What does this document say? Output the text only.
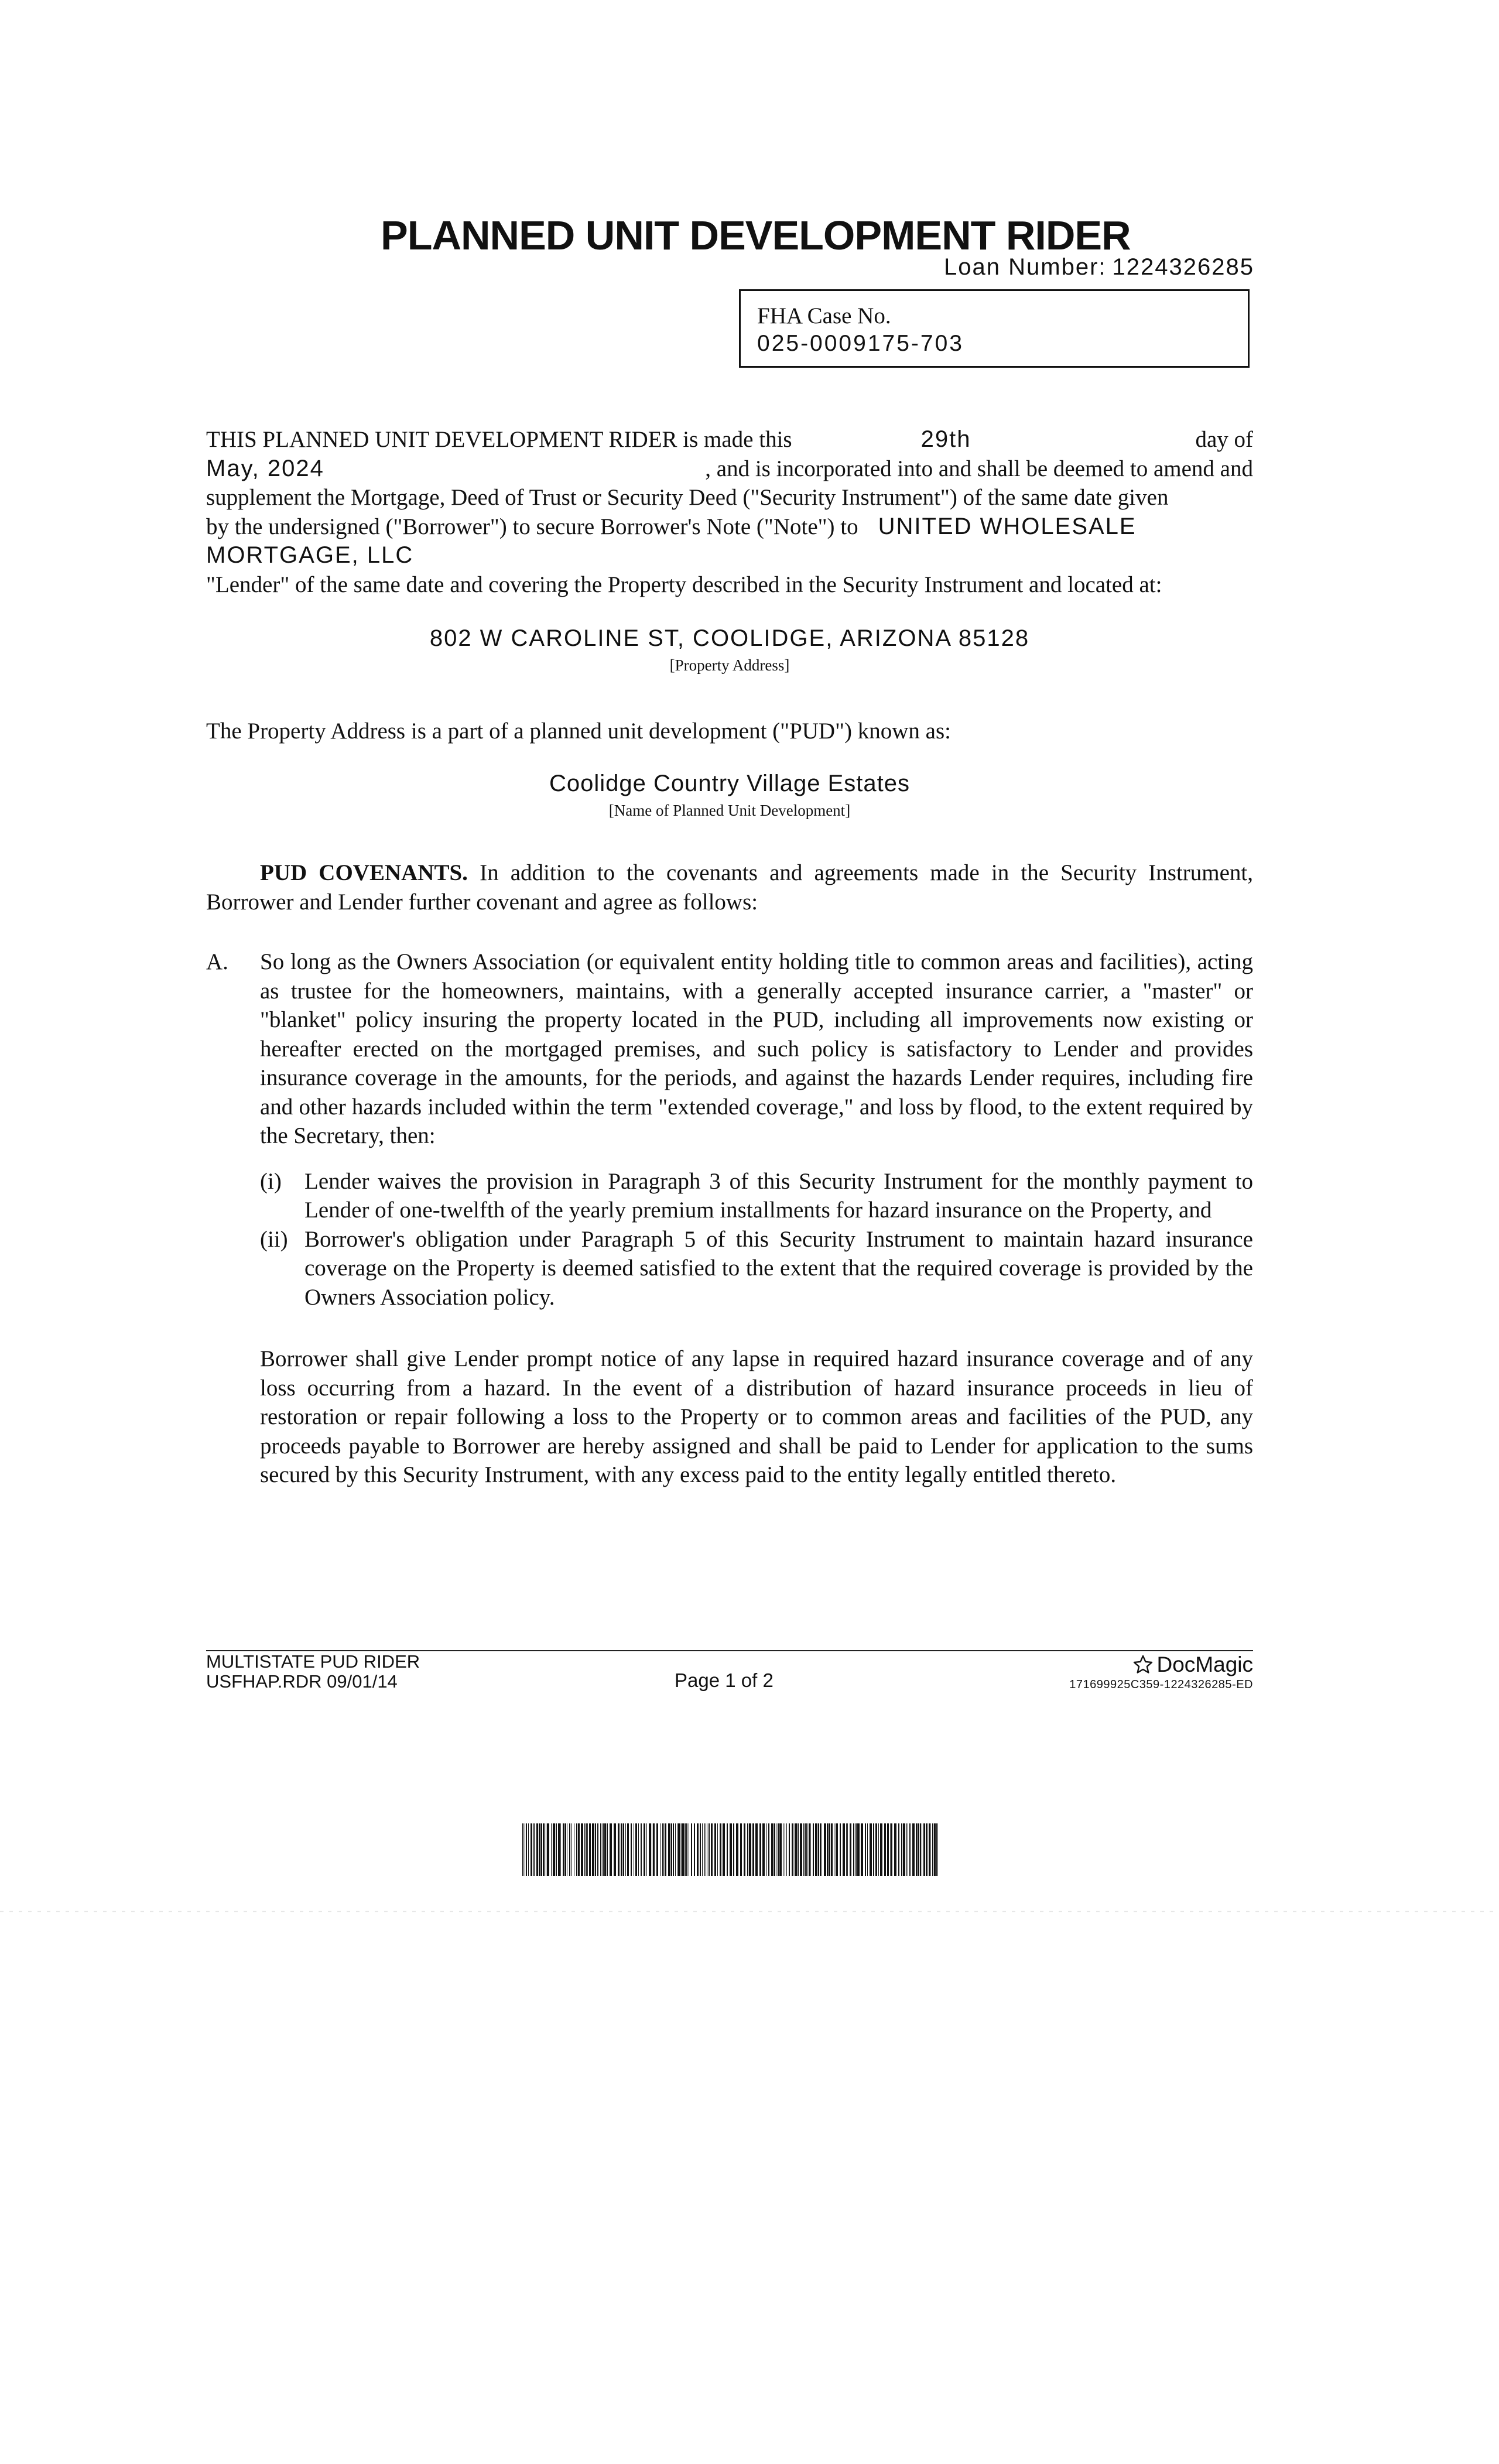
PLANNED UNIT DEVELOPMENT RIDER
Loan Number: 1224326285
FHA Case No.
025-0009175-703
THIS PLANNED UNIT DEVELOPMENT RIDER is made this	29th	day of
May, 2024	, and is incorporated into and shall be deemed to amend and
supplement the Mortgage, Deed of Trust or Security Deed ("Security Instrument") of the same date given
by the undersigned ("Borrower") to secure Borrower's Note ("Note") to UNITED WHOLESALE
MORTGAGE, LLC
"Lender" of the same date and covering the Property described in the Security Instrument and located at:
802 W CAROLINE ST, COOLIDGE, ARIZONA 85128
[Property Address]
The Property Address is a part of a planned unit development ("PUD") known as:
Coolidge Country Village Estates
[Name of Planned Unit Development]
PUD COVENANTS. In addition to the covenants and agreements made in the Security Instrument, Borrower and Lender further covenant and agree as follows:
A. So long as the Owners Association (or equivalent entity holding title to common areas and facilities), acting as trustee for the homeowners, maintains, with a generally accepted insurance carrier, a "master" or "blanket" policy insuring the property located in the PUD, including all improvements now existing or hereafter erected on the mortgaged premises, and such policy is satisfactory to Lender and provides insurance coverage in the amounts, for the periods, and against the hazards Lender requires, including fire and other hazards included within the term "extended coverage," and loss by flood, to the extent required by the Secretary, then:
(i) Lender waives the provision in Paragraph 3 of this Security Instrument for the monthly payment to Lender of one-twelfth of the yearly premium installments for hazard insurance on the Property, and
(ii) Borrower's obligation under Paragraph 5 of this Security Instrument to maintain hazard insurance coverage on the Property is deemed satisfied to the extent that the required coverage is provided by the Owners Association policy.
Borrower shall give Lender prompt notice of any lapse in required hazard insurance coverage and of any loss occurring from a hazard. In the event of a distribution of hazard insurance proceeds in lieu of restoration or repair following a loss to the Property or to common areas and facilities of the PUD, any proceeds payable to Borrower are hereby assigned and shall be paid to Lender for application to the sums secured by this Security Instrument, with any excess paid to the entity legally entitled thereto.
MULTISTATE PUD RIDER
USFHAP.RDR 09/01/14	Page 1 of 2
DocMagic
171699925C359-1224326285-ED
